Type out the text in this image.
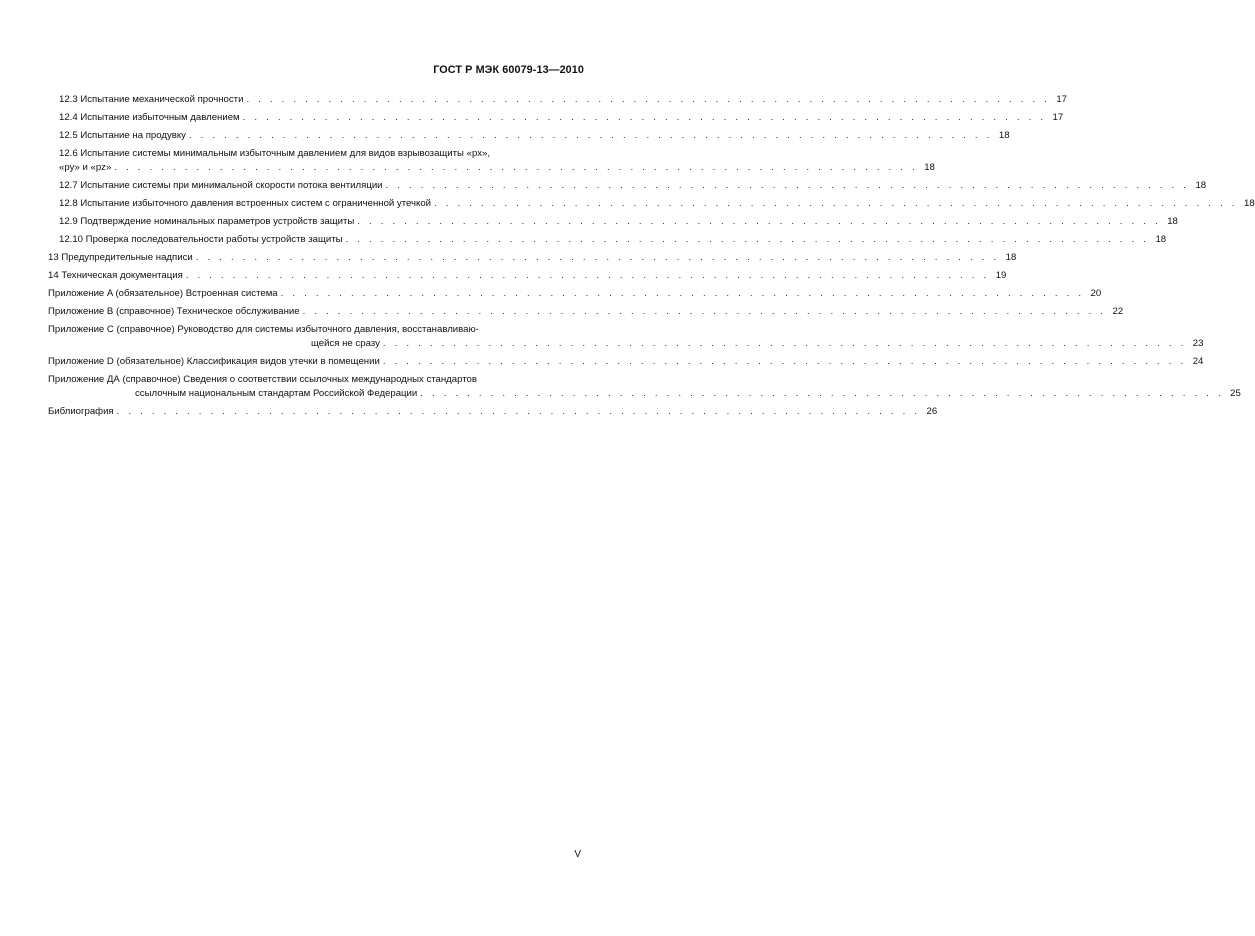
ГОСТ Р МЭК 60079-13—2010
12.3 Испытание механической прочности . . . . . . . . . . . . . . . . . . . . . . . . . . . . . . . . . . . . . . . . . . . . . . . . . . . . . . . . . . . . . . . . . . . . . 17
12.4 Испытание избыточным давлением . . . . . . . . . . . . . . . . . . . . . . . . . . . . . . . . . . . . . . . . . . . . . . . . . . . . . . . . . . . . . . . . . . . . . 17
12.5 Испытание на продувку . . . . . . . . . . . . . . . . . . . . . . . . . . . . . . . . . . . . . . . . . . . . . . . . . . . . . . . . . . . . . . . . . . . . . 18
12.6 Испытание системы минимальным избыточным давлением для видов взрывозащиты «px»,
«py» и «pz» . . . . . . . . . . . . . . . . . . . . . . . . . . . . . . . . . . . . . . . . . . . . . . . . . . . . . . . . . . . . . . . . . . . . . 18
12.7 Испытание системы при минимальной скорости потока вентиляции . . . . . . . . . . . . . . . . . . . . . . . . . . . . . . . . . . . . . . . . . . . . . . . . . . . . . . . . . . . . . . . . . . . . . 18
12.8 Испытание избыточного давления встроенных систем с ограниченной утечкой . . . . . . . . . . . . . . . . . . . . . . . . . . . . . . . . . . . . . . . . . . . . . . . . . . . . . . . . . . . . . . . . . . . . . 18
12.9 Подтверждение номинальных параметров устройств защиты . . . . . . . . . . . . . . . . . . . . . . . . . . . . . . . . . . . . . . . . . . . . . . . . . . . . . . . . . . . . . . . . . . . . . 18
12.10 Проверка последовательности работы устройств защиты . . . . . . . . . . . . . . . . . . . . . . . . . . . . . . . . . . . . . . . . . . . . . . . . . . . . . . . . . . . . . . . . . . . . . 18
13 Предупредительные надписи . . . . . . . . . . . . . . . . . . . . . . . . . . . . . . . . . . . . . . . . . . . . . . . . . . . . . . . . . . . . . . . . . . . . . 18
14 Техническая документация . . . . . . . . . . . . . . . . . . . . . . . . . . . . . . . . . . . . . . . . . . . . . . . . . . . . . . . . . . . . . . . . . . . . . 19
Приложение A (обязательное) Встроенная система . . . . . . . . . . . . . . . . . . . . . . . . . . . . . . . . . . . . . . . . . . . . . . . . . . . . . . . . . . . . . . . . . . . . . 20
Приложение B (справочное) Техническое обслуживание . . . . . . . . . . . . . . . . . . . . . . . . . . . . . . . . . . . . . . . . . . . . . . . . . . . . . . . . . . . . . . . . . . . . . 22
Приложение C (справочное) Руководство для системы избыточного давления, восстанавливаю-
щейся не сразу . . . . . . . . . . . . . . . . . . . . . . . . . . . . . . . . . . . . . . . . . . . . . . . . . . . . . . . . . . . . . . . . . . . . . 23
Приложение D (обязательное) Классификация видов утечки в помещении . . . . . . . . . . . . . . . . . . . . . . . . . . . . . . . . . . . . . . . . . . . . . . . . . . . . . . . . . . . . . . . . . . . . . 24
Приложение ДА (справочное) Сведения о соответствии ссылочных международных стандартов
ссылочным национальным стандартам Российской Федерации . . . . . . . . . . . . . . . . . . . . . . . . . . . . . . . . . . . . . . . . . . . . . . . . . . . . . . . . . . . . . . . . . . . . . 25
Библиография . . . . . . . . . . . . . . . . . . . . . . . . . . . . . . . . . . . . . . . . . . . . . . . . . . . . . . . . . . . . . . . . . . . . . 26
V
